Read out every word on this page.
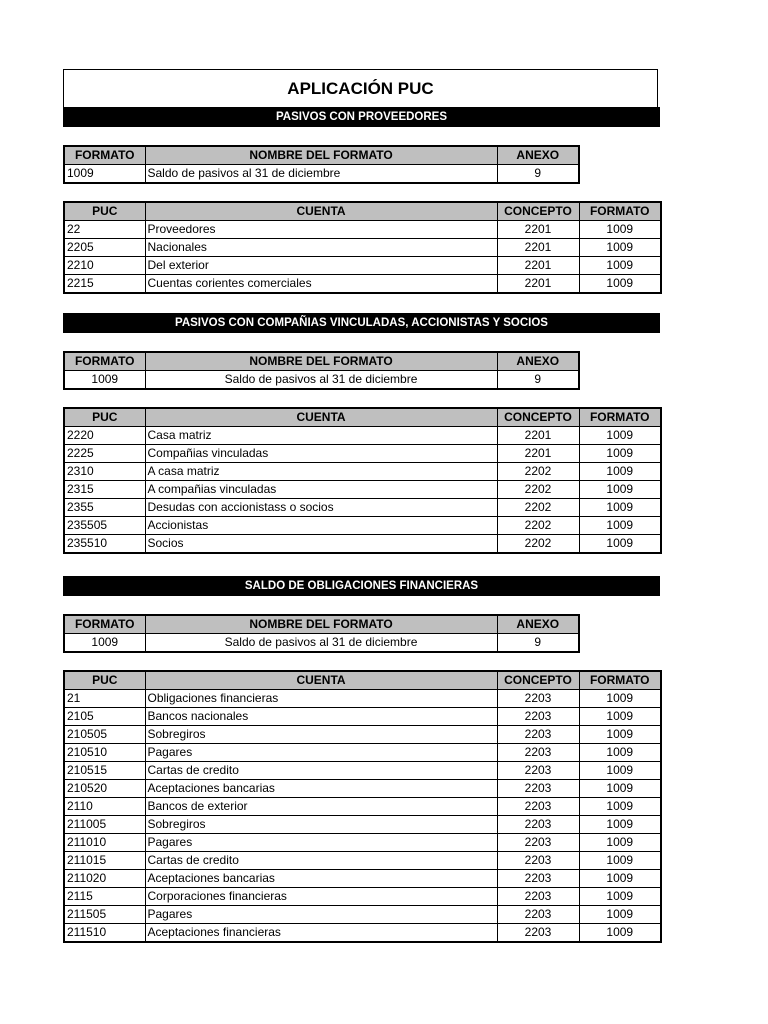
APLICACIÓN PUC
PASIVOS CON PROVEEDORES
FORMATO	NOMBRE DEL FORMATO	ANEXO
1009	Saldo de pasivos al 31 de diciembre	9
PUC	CUENTA	CONCEPTO	FORMATO
22	Proveedores	2201	1009
2205	Nacionales	2201	1009
2210	Del exterior	2201	1009
2215	Cuentas corientes comerciales	2201	1009
PASIVOS CON COMPAÑIAS VINCULADAS, ACCIONISTAS Y SOCIOS
FORMATO	NOMBRE DEL FORMATO	ANEXO
1009	Saldo de pasivos al 31 de diciembre	9
PUC	CUENTA	CONCEPTO	FORMATO
2220	Casa matriz	2201	1009
2225	Compañias vinculadas	2201	1009
2310	A casa matriz	2202	1009
2315	A compañias vinculadas	2202	1009
2355	Desudas con accionistass o socios	2202	1009
235505	Accionistas	2202	1009
235510	Socios	2202	1009
SALDO DE OBLIGACIONES FINANCIERAS
FORMATO	NOMBRE DEL FORMATO	ANEXO
1009	Saldo de pasivos al 31 de diciembre	9
PUC	CUENTA	CONCEPTO	FORMATO
21	Obligaciones financieras	2203	1009
2105	Bancos nacionales	2203	1009
210505	Sobregiros	2203	1009
210510	Pagares	2203	1009
210515	Cartas de credito	2203	1009
210520	Aceptaciones bancarias	2203	1009
2110	Bancos de exterior	2203	1009
211005	Sobregiros	2203	1009
211010	Pagares	2203	1009
211015	Cartas de credito	2203	1009
211020	Aceptaciones bancarias	2203	1009
2115	Corporaciones financieras	2203	1009
211505	Pagares	2203	1009
211510	Aceptaciones financieras	2203	1009
